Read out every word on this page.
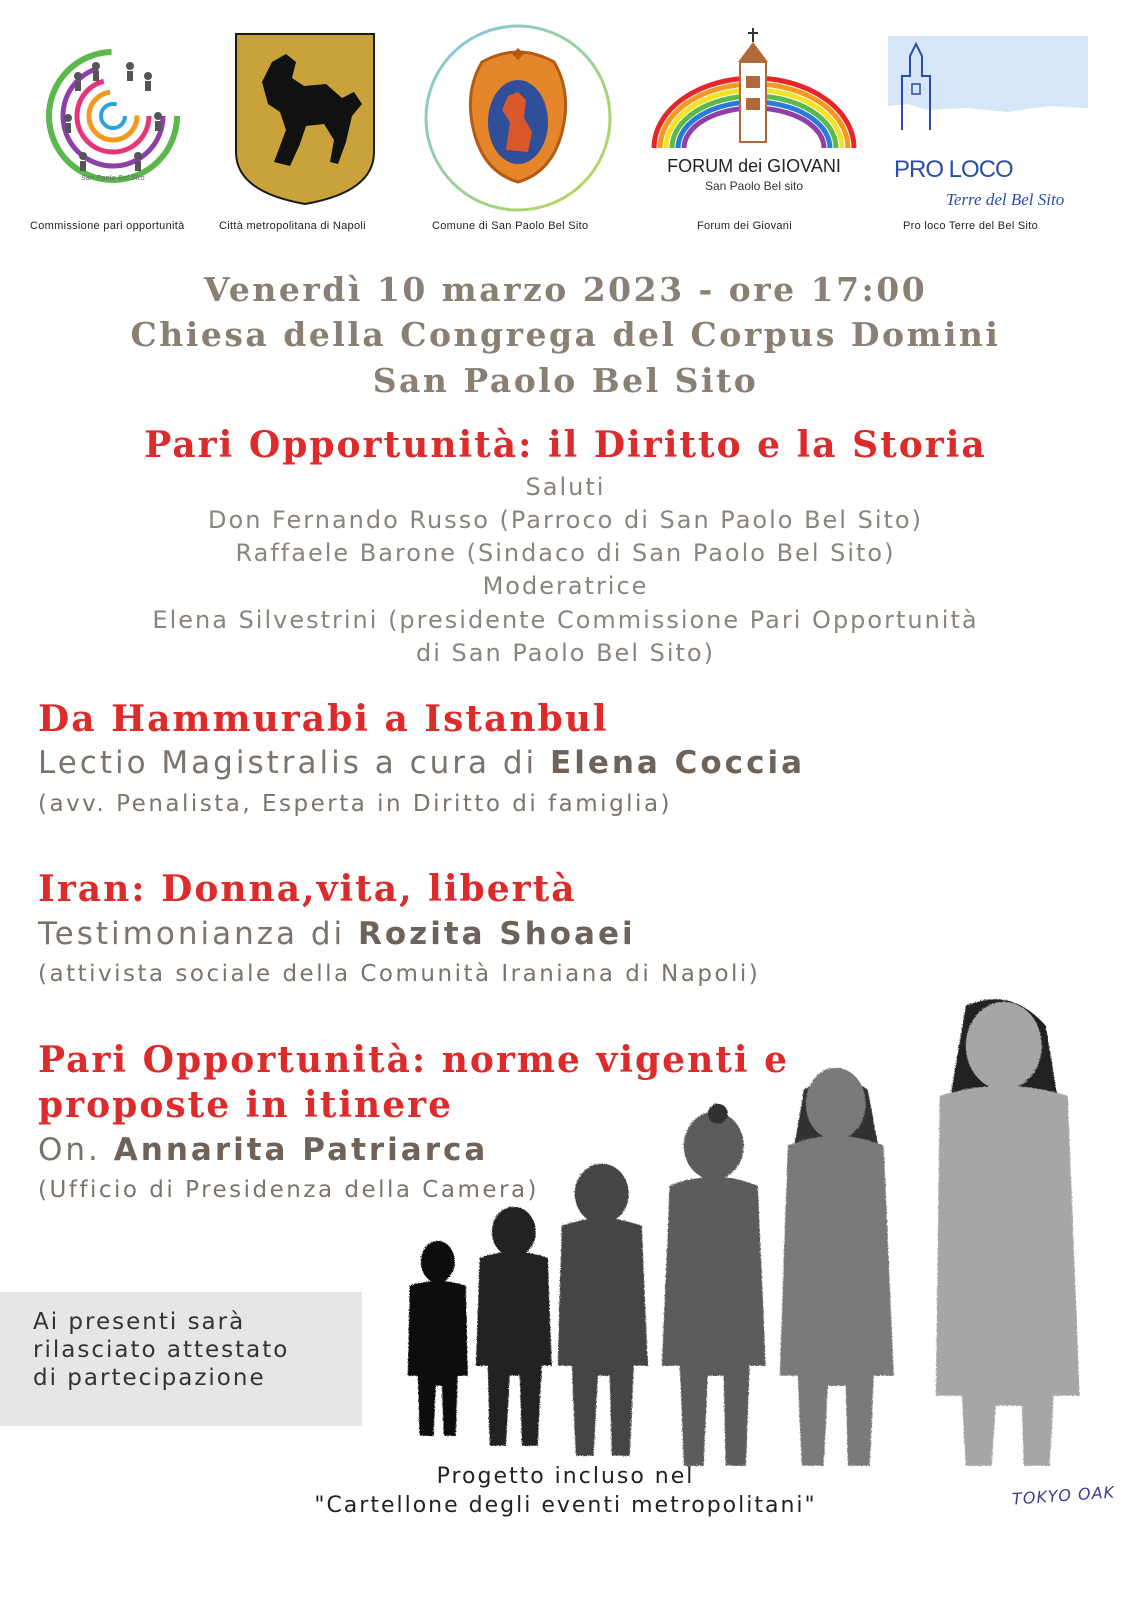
San Paolo Bel Sito
Commissione pari opportunità	Città metropolitana di Napoli	Comune di San Paolo Bel Sito
FORUM dei GIOVANI
San Paolo Bel sito
Forum dei Giovani
PRO LOCO
Terre del Bel Sito
Pro loco Terre del Bel Sito
Venerdì 10 marzo 2023 - ore 17:00
Chiesa della Congrega del Corpus Domini
San Paolo Bel Sito
Pari Opportunità: il Diritto e la Storia
Saluti
Don Fernando Russo (Parroco di San Paolo Bel Sito)
Raffaele Barone (Sindaco di San Paolo Bel Sito)
Moderatrice
Elena Silvestrini (presidente Commissione Pari Opportunità
di San Paolo Bel Sito)
Da Hammurabi a Istanbul
Lectio Magistralis a cura di Elena Coccia
(avv. Penalista, Esperta in Diritto di famiglia)
Iran: Donna,vita, libertà
Testimonianza di Rozita Shoaei
(attivista sociale della Comunità Iraniana di Napoli)
Pari Opportunità: norme vigenti e
proposte in itinere
On. Annarita Patriarca
(Ufficio di Presidenza della Camera)
Ai presenti sarà
rilasciato attestato
di partecipazione
Progetto incluso nel
"Cartellone degli eventi metropolitani"	TOKYO OAK
